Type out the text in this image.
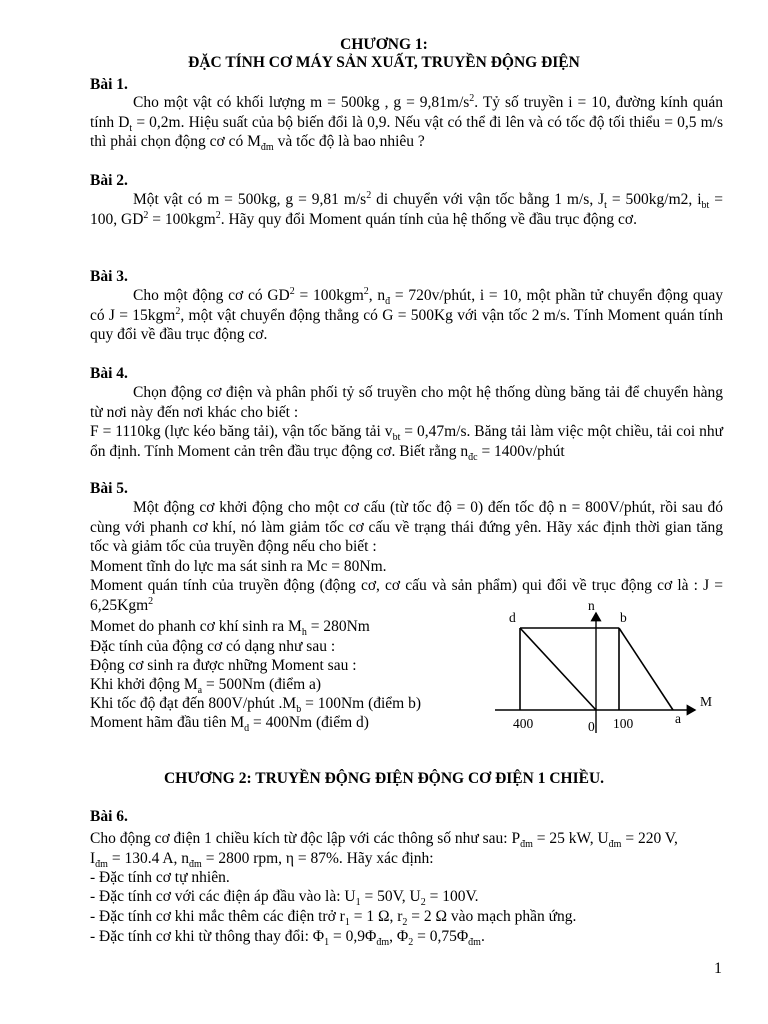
CHƯƠNG 1:
ĐẶC TÍNH CƠ MÁY SẢN XUẤT, TRUYỀN ĐỘNG ĐIỆN
Bài 1.
Cho một vật có khối lượng m = 500kg , $g = 9,81m/s^2$. Tỷ số truyền i = 10, đường kính quán tính $D_t = 0,2m$. Hiệu suất của bộ biến đổi là 0,9. Nếu vật có thể đi lên và có tốc độ tối thiểu = 0,5 m/s thì phải chọn động cơ có $M_{đm}$ và tốc độ là bao nhiêu ?
Bài 2.
Một vật có m = 500kg, g = 9,81 $m/s^2$ di chuyển với vận tốc bằng 1 m/s, $J_t = 500kg/m2$, $i_{bt} = 100$, $GD^2 = 100kgm^2$. Hãy quy đổi Moment quán tính của hệ thống về đầu trục động cơ.
Bài 3.
Cho một động cơ có $GD^2 = 100kgm^2$, $n_đ$ = 720v/phút, i = 10, một phần tử chuyển động quay có J = 15kgm$^2$, một vật chuyển động thẳng có G = 500Kg với vận tốc 2 m/s. Tính Moment quán tính quy đổi về đầu trục động cơ.
Bài 4.
Chọn động cơ điện và phân phối tỷ số truyền cho một hệ thống dùng băng tải để chuyển hàng từ nơi này đến nơi khác cho biết :
F = 1110kg (lực kéo băng tải), vận tốc băng tải $v_{bt} = 0,47m/s$. Băng tải làm việc một chiều, tải coi như ổn định. Tính Moment cản trên đầu trục động cơ. Biết rằng $n_{đc}$ = 1400v/phút
Bài 5.
Một động cơ khởi động cho một cơ cấu (từ tốc độ = 0) đến tốc độ n = 800V/phút, rồi sau đó cùng với phanh cơ khí, nó làm giảm tốc cơ cấu về trạng thái đứng yên. Hãy xác định thời gian tăng tốc và giảm tốc của truyền động nếu cho biết :
Moment tĩnh do lực ma sát sinh ra Mc = 80Nm.
Moment quán tính của truyền động (động cơ, cơ cấu và sản phẩm) qui đổi về trục động cơ là : J = 6,25Kgm$^2$
Momet do phanh cơ khí sinh ra $M_h = 280Nm$
Đặc tính của động cơ có dạng như sau :
Động cơ sinh ra được những Moment sau :
Khi khởi động $M_a = 500Nm$ (điểm a)
Khi tốc độ đạt đến 800V/phút $.M_b = 100Nm$ (điểm b)
Moment hãm đầu tiên $M_d = 400Nm$ (điểm d)
n
d	b
M
a
400	0 100
CHƯƠNG 2: TRUYỀN ĐỘNG ĐIỆN ĐỘNG CƠ ĐIỆN 1 CHIỀU.
Bài 6.
Cho động cơ điện 1 chiều kích từ độc lập với các thông số như sau: $P_{đm} = 25$ kW, $U_{đm} = 220$ V,
$I_{đm} = 130.4$ A, $n_{đm} = 2800$ rpm, η = 87%. Hãy xác định:
- Đặc tính cơ tự nhiên.
- Đặc tính cơ với các điện áp đầu vào là: $U_1 = 50V$, $U_2 = 100V$.
- Đặc tính cơ khi mắc thêm các điện trở $r_1 = 1$ Ω, $r_2 = 2$ Ω vào mạch phần ứng.
- Đặc tính cơ khi từ thông thay đổi: $\Phi_1 = 0,9\Phi_{đm}$, $\Phi_2 = 0,75\Phi_{đm}$.
1
